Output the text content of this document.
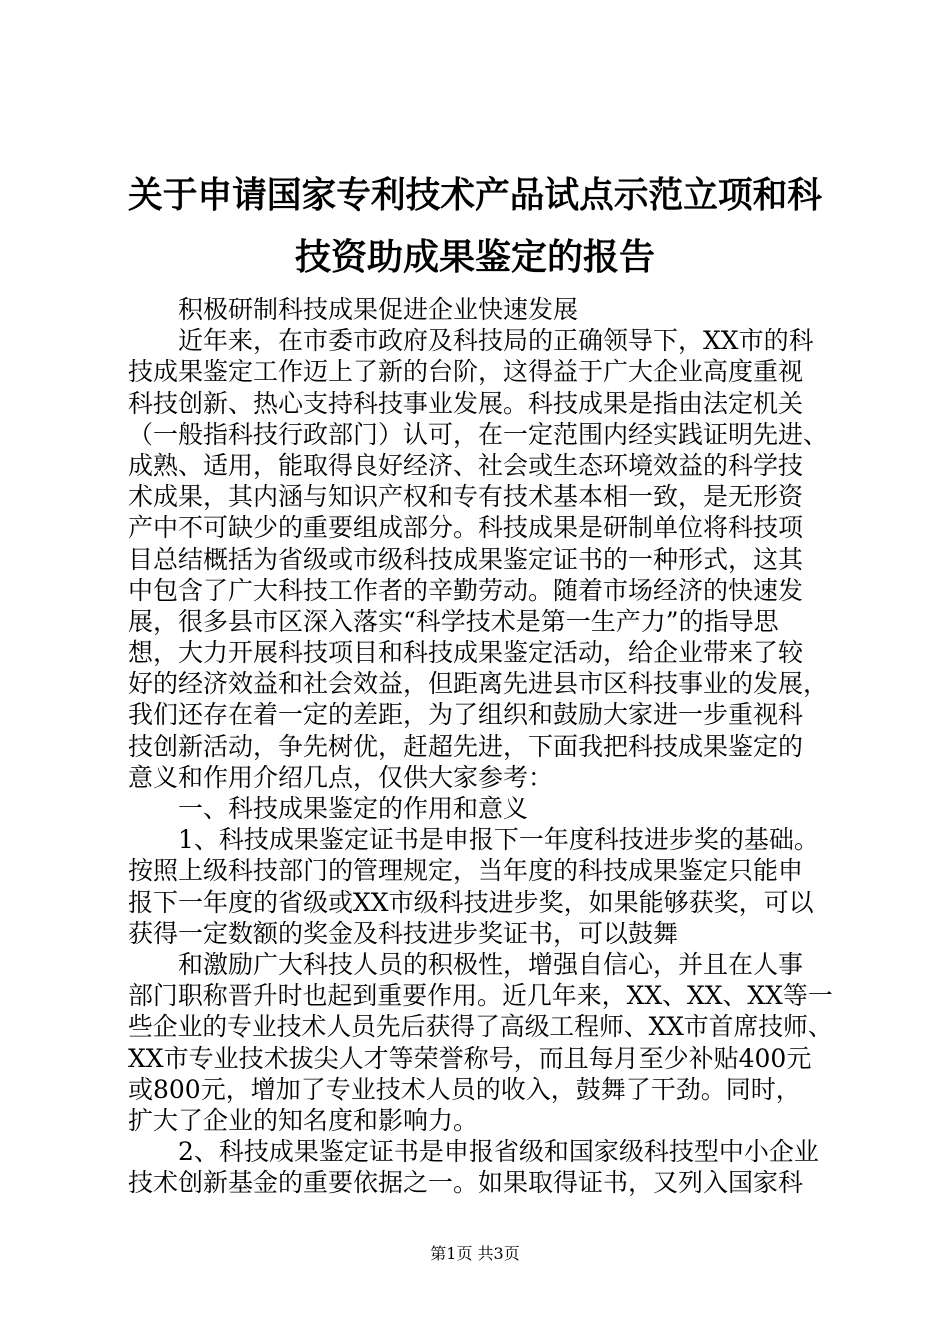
关于申请国家专利技术产品试点示范立项和科
技资助成果鉴定的报告
积极研制科技成果促进企业快速发展
近年来，在市委市政府及科技局的正确领导下，XX市的科
技成果鉴定工作迈上了新的台阶，这得益于广大企业高度重视
科技创新、热心支持科技事业发展。科技成果是指由法定机关
（一般指科技行政部门）认可，在一定范围内经实践证明先进、
成熟、适用，能取得良好经济、社会或生态环境效益的科学技
术成果，其内涵与知识产权和专有技术基本相一致，是无形资
产中不可缺少的重要组成部分。科技成果是研制单位将科技项
目总结概括为省级或市级科技成果鉴定证书的一种形式，这其
中包含了广大科技工作者的辛勤劳动。随着市场经济的快速发
展，很多县市区深入落实“科学技术是第一生产力”的指导思
想，大力开展科技项目和科技成果鉴定活动，给企业带来了较
好的经济效益和社会效益，但距离先进县市区科技事业的发展，
我们还存在着一定的差距，为了组织和鼓励大家进一步重视科
技创新活动，争先树优，赶超先进，下面我把科技成果鉴定的
意义和作用介绍几点，仅供大家参考：
一、科技成果鉴定的作用和意义
1、科技成果鉴定证书是申报下一年度科技进步奖的基础。
按照上级科技部门的管理规定，当年度的科技成果鉴定只能申
报下一年度的省级或XX市级科技进步奖，如果能够获奖，可以
获得一定数额的奖金及科技进步奖证书，可以鼓舞
和激励广大科技人员的积极性，增强自信心，并且在人事
部门职称晋升时也起到重要作用。近几年来，XX、XX、XX等一
些企业的专业技术人员先后获得了高级工程师、XX市首席技师、
XX市专业技术拔尖人才等荣誉称号，而且每月至少补贴400元
或800元，增加了专业技术人员的收入，鼓舞了干劲。同时，
扩大了企业的知名度和影响力。
2、科技成果鉴定证书是申报省级和国家级科技型中小企业
技术创新基金的重要依据之一。如果取得证书，又列入国家科
第1页 共3页
